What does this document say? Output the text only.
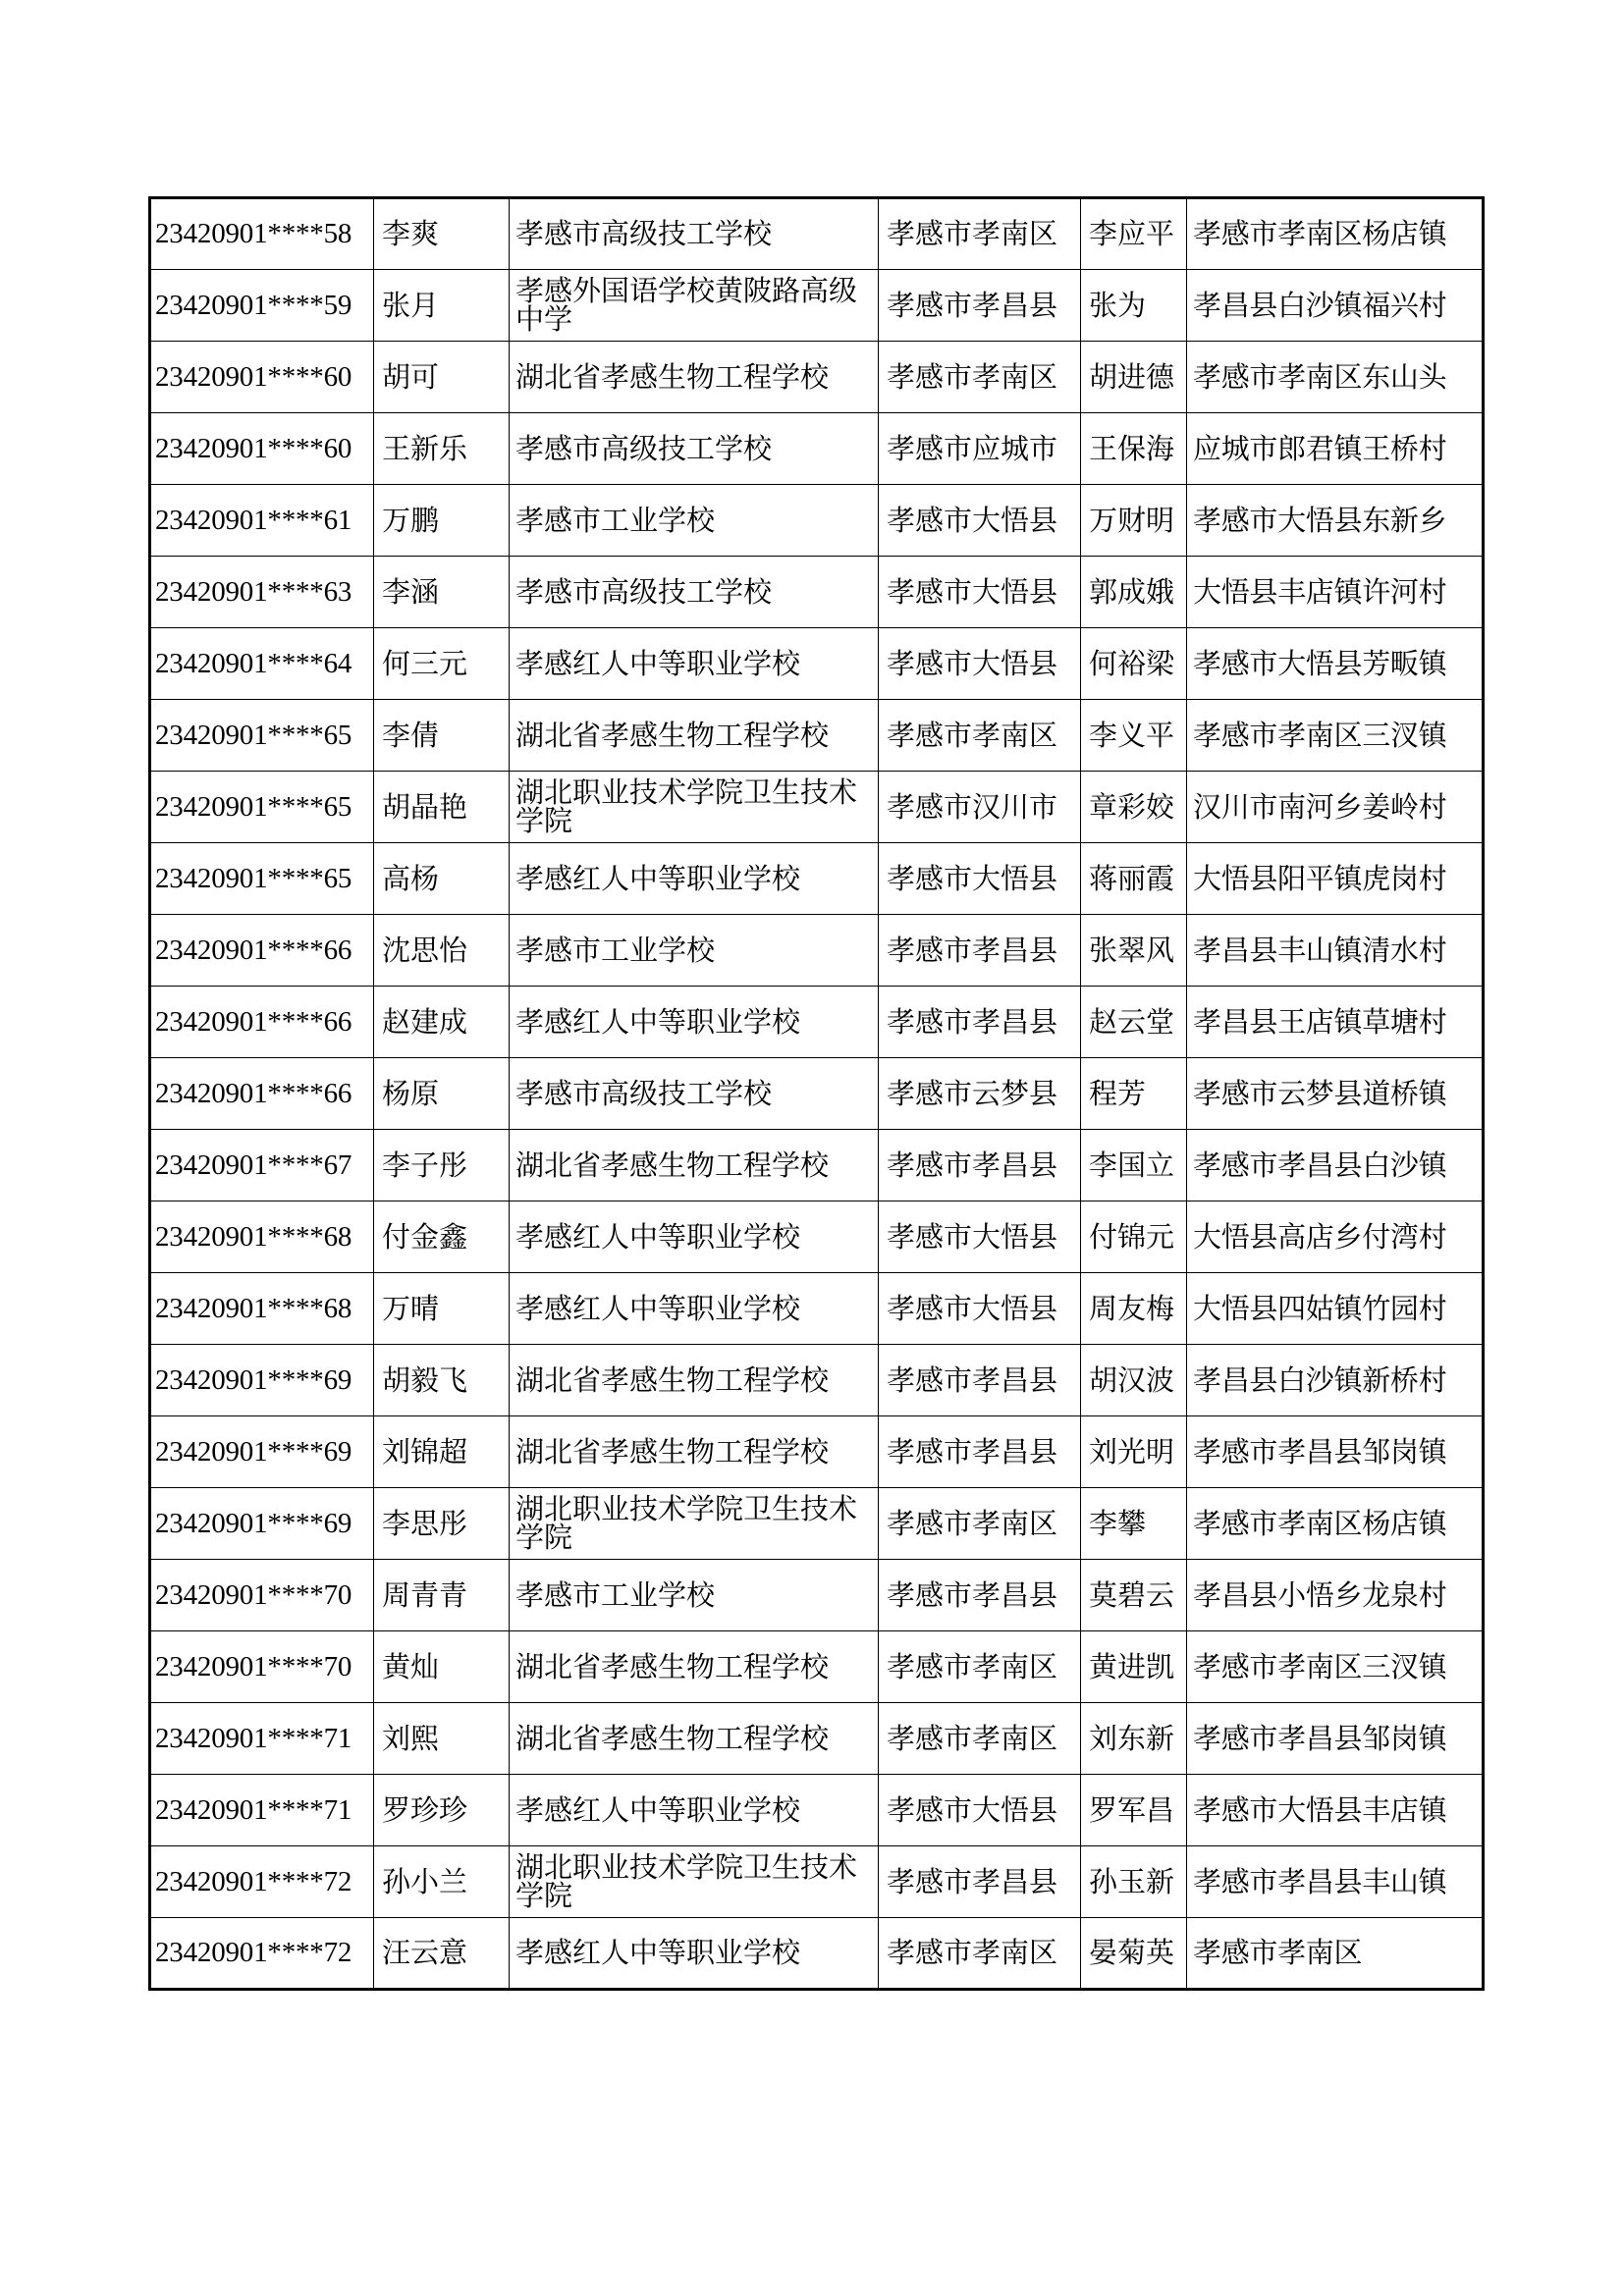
23420901****58	李爽	孝感市高级技工学校	孝感市孝南区	李应平	孝感市孝南区杨店镇
23420901****59	张月	孝感外国语学校黄陂路高级中学	孝感市孝昌县	张为	孝昌县白沙镇福兴村
23420901****60	胡可	湖北省孝感生物工程学校	孝感市孝南区	胡进德	孝感市孝南区东山头
23420901****60	王新乐	孝感市高级技工学校	孝感市应城市	王保海	应城市郎君镇王桥村
23420901****61	万鹏	孝感市工业学校	孝感市大悟县	万财明	孝感市大悟县东新乡
23420901****63	李涵	孝感市高级技工学校	孝感市大悟县	郭成娥	大悟县丰店镇许河村
23420901****64	何三元	孝感红人中等职业学校	孝感市大悟县	何裕梁	孝感市大悟县芳畈镇
23420901****65	李倩	湖北省孝感生物工程学校	孝感市孝南区	李义平	孝感市孝南区三汊镇
23420901****65	胡晶艳	湖北职业技术学院卫生技术学院	孝感市汉川市	章彩姣	汉川市南河乡姜岭村
23420901****65	高杨	孝感红人中等职业学校	孝感市大悟县	蒋丽霞	大悟县阳平镇虎岗村
23420901****66	沈思怡	孝感市工业学校	孝感市孝昌县	张翠风	孝昌县丰山镇清水村
23420901****66	赵建成	孝感红人中等职业学校	孝感市孝昌县	赵云堂	孝昌县王店镇草塘村
23420901****66	杨原	孝感市高级技工学校	孝感市云梦县	程芳	孝感市云梦县道桥镇
23420901****67	李子彤	湖北省孝感生物工程学校	孝感市孝昌县	李国立	孝感市孝昌县白沙镇
23420901****68	付金鑫	孝感红人中等职业学校	孝感市大悟县	付锦元	大悟县高店乡付湾村
23420901****68	万晴	孝感红人中等职业学校	孝感市大悟县	周友梅	大悟县四姑镇竹园村
23420901****69	胡毅飞	湖北省孝感生物工程学校	孝感市孝昌县	胡汉波	孝昌县白沙镇新桥村
23420901****69	刘锦超	湖北省孝感生物工程学校	孝感市孝昌县	刘光明	孝感市孝昌县邹岗镇
23420901****69	李思彤	湖北职业技术学院卫生技术学院	孝感市孝南区	李攀	孝感市孝南区杨店镇
23420901****70	周青青	孝感市工业学校	孝感市孝昌县	莫碧云	孝昌县小悟乡龙泉村
23420901****70	黄灿	湖北省孝感生物工程学校	孝感市孝南区	黄进凯	孝感市孝南区三汊镇
23420901****71	刘熙	湖北省孝感生物工程学校	孝感市孝南区	刘东新	孝感市孝昌县邹岗镇
23420901****71	罗珍珍	孝感红人中等职业学校	孝感市大悟县	罗军昌	孝感市大悟县丰店镇
23420901****72	孙小兰	湖北职业技术学院卫生技术学院	孝感市孝昌县	孙玉新	孝感市孝昌县丰山镇
23420901****72	汪云意	孝感红人中等职业学校	孝感市孝南区	晏菊英	孝感市孝南区
